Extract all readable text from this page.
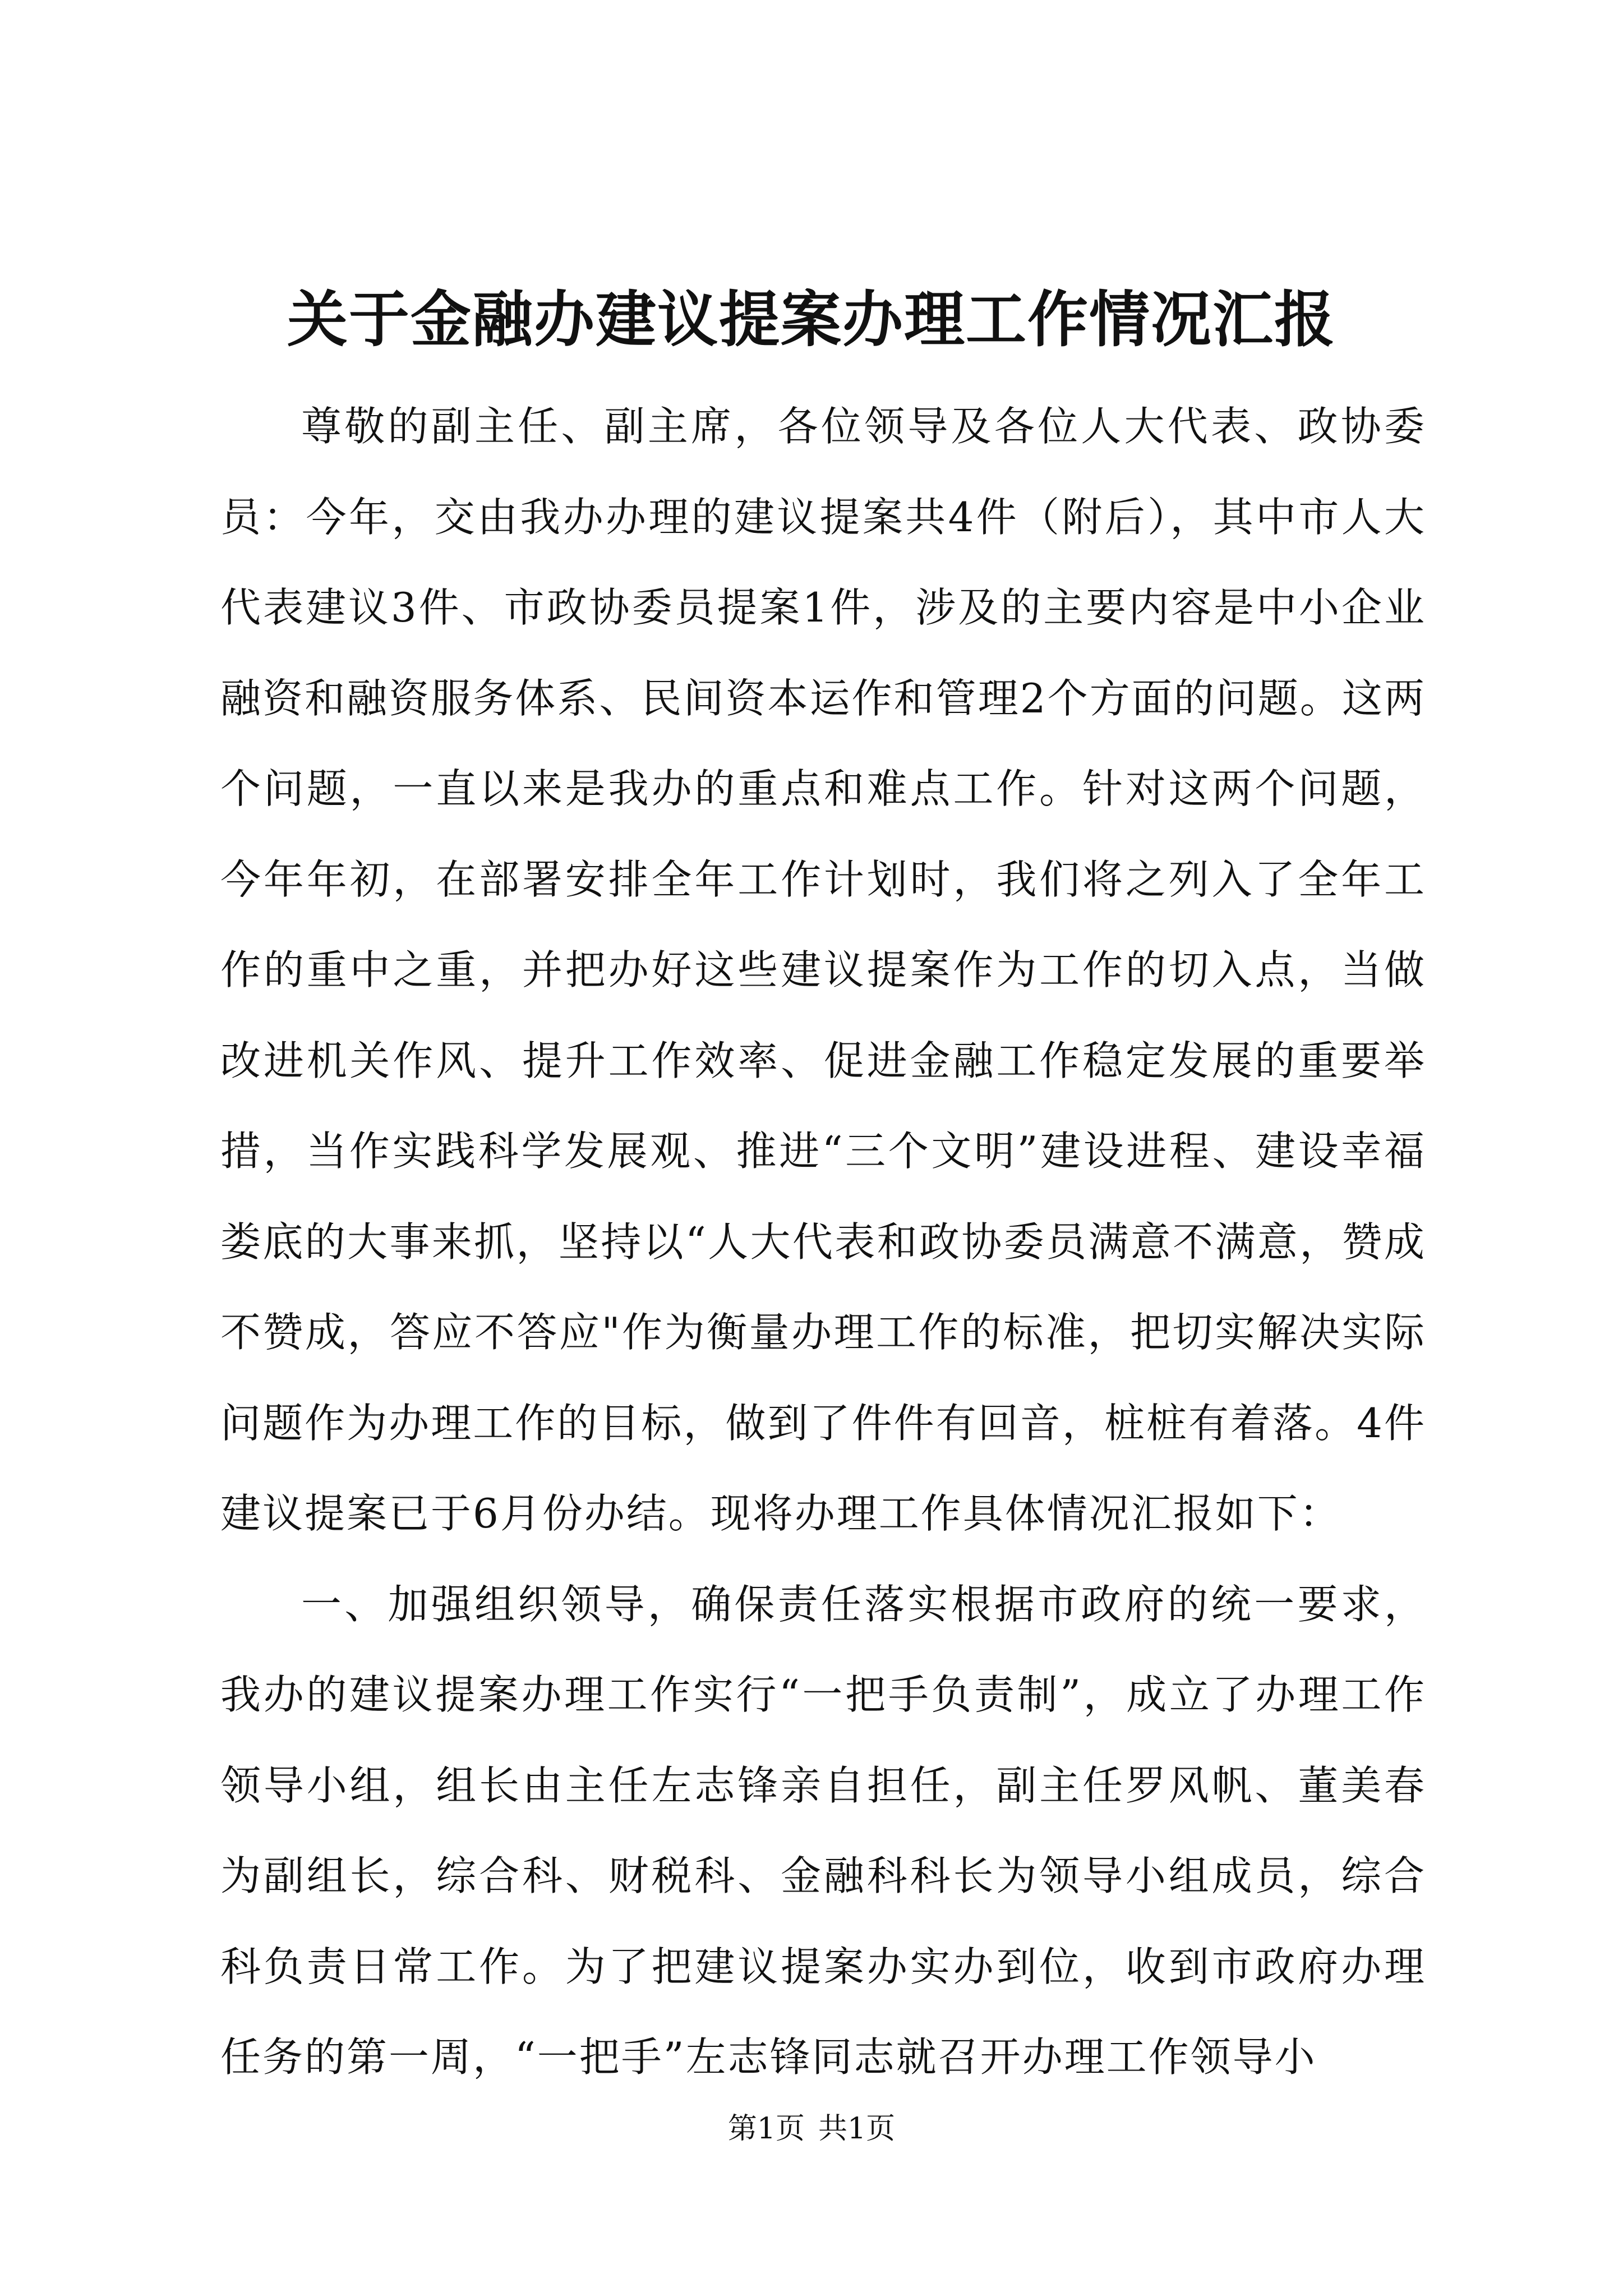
关于金融办建议提案办理工作情况汇报

尊敬的副主任、副主席，各位领导及各位人大代表、政协委员：今年，交由我办办理的建议提案共4件（附后），其中市人大代表建议3件、市政协委员提案1件，涉及的主要内容是中小企业融资和融资服务体系、民间资本运作和管理2个方面的问题。这两个问题，一直以来是我办的重点和难点工作。针对这两个问题，今年年初，在部署安排全年工作计划时，我们将之列入了全年工作的重中之重，并把办好这些建议提案作为工作的切入点，当做改进机关作风、提升工作效率、促进金融工作稳定发展的重要举措，当作实践科学发展观、推进“三个文明”建设进程、建设幸福娄底的大事来抓，坚持以“人大代表和政协委员满意不满意，赞成不赞成，答应不答应"作为衡量办理工作的标准，把切实解决实际问题作为办理工作的目标，做到了件件有回音，桩桩有着落。4件建议提案已于6月份办结。现将办理工作具体情况汇报如下：

一、加强组织领导，确保责任落实根据市政府的统一要求，我办的建议提案办理工作实行“一把手负责制”，成立了办理工作领导小组，组长由主任左志锋亲自担任，副主任罗风帆、董美春为副组长，综合科、财税科、金融科科长为领导小组成员，综合科负责日常工作。为了把建议提案办实办到位，收到市政府办理任务的第一周，“一把手”左志锋同志就召开办理工作领导小

第1页 共1页
